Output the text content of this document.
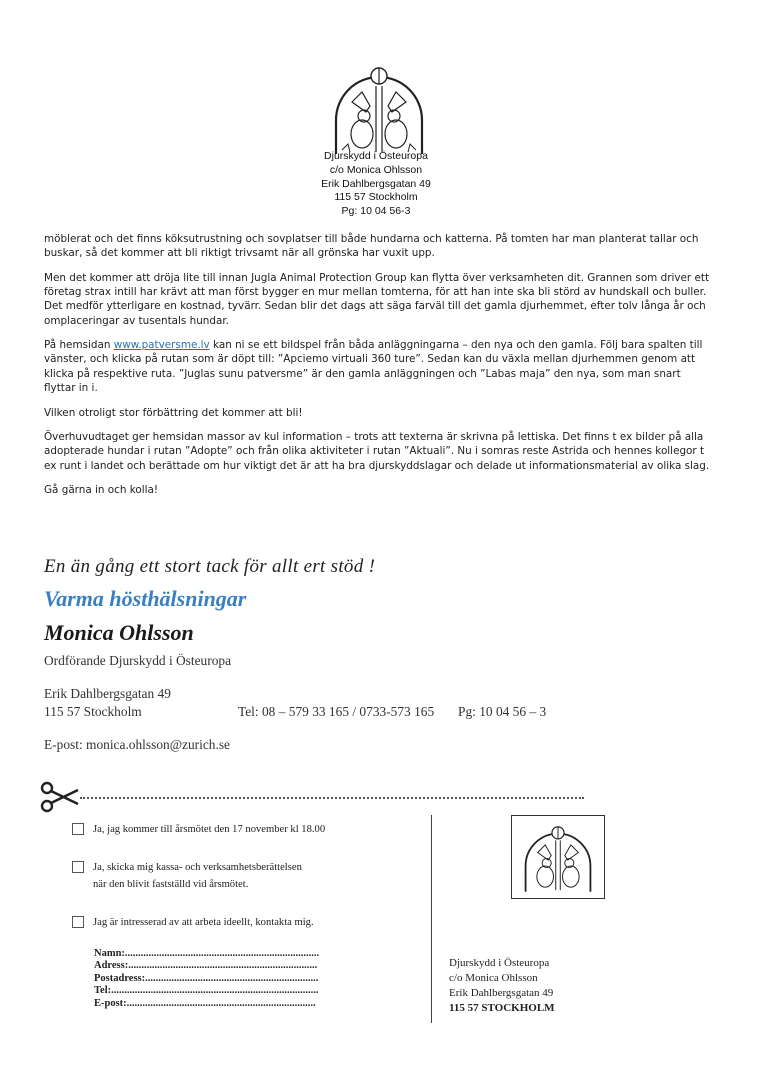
Djurskydd i Östeuropa
c/o Monica Ohlsson
Erik Dahlbergsgatan 49
115 57 Stockholm
Pg: 10 04 56-3

möblerat och det finns köksutrustning och sovplatser till både hundarna och katterna. På tomten har man planterat tallar och buskar, så det kommer att bli riktigt trivsamt när all grönska har vuxit upp.

Men det kommer att dröja lite till innan Jugla Animal Protection Group kan flytta över verksamheten dit. Grannen som driver ett företag strax intill har krävt att man först bygger en mur mellan tomterna, för att han inte ska bli störd av hundskall och buller. Det medför ytterligare en kostnad, tyvärr. Sedan blir det dags att säga farväl till det gamla djurhemmet, efter tolv långa år och omplaceringar av tusentals hundar.

På hemsidan www.patversme.lv kan ni se ett bildspel från båda anläggningarna – den nya och den gamla. Följ bara spalten till vänster, och klicka på rutan som är döpt till: ”Apciemo virtuali 360 ture”. Sedan kan du växla mellan djurhemmen genom att klicka på respektive ruta. ”Juglas sunu patversme” är den gamla anläggningen och ”Labas maja” den nya, som man snart flyttar in i.

Vilken otroligt stor förbättring det kommer att bli!

Överhuvudtaget ger hemsidan massor av kul information – trots att texterna är skrivna på lettiska. Det finns t ex bilder på alla adopterade hundar i rutan ”Adopte” och från olika aktiviteter i rutan ”Aktuali”. Nu i somras reste Astrida och hennes kollegor t ex runt i landet och berättade om hur viktigt det är att ha bra djurskyddslagar och delade ut informationsmaterial av olika slag.

Gå gärna in och kolla!

En än gång ett stort tack för allt ert stöd !
Varma hösthälsningar
Monica Ohlsson
Ordförande Djurskydd i Östeuropa
Erik Dahlbergsgatan 49
115 57 Stockholm	Tel: 08 – 579 33 165 / 0733-573 165 Pg: 10 04 56 – 3
E-post: monica.ohlsson@zurich.se
Ja, jag kommer till årsmötet den 17 november kl 18.00
Ja, skicka mig kassa- och verksamhetsberättelsen
när den blivit fastställd vid årsmötet.
Jag är intresserad av att arbeta ideellt, kontakta mig.
Namn:..........................................................................
Adress:........................................................................
Postadress:..................................................................
Tel:...............................................................................
E-post:........................................................................
Djurskydd i Östeuropa
c/o Monica Ohlsson
Erik Dahlbergsgatan 49
115 57 STOCKHOLM
